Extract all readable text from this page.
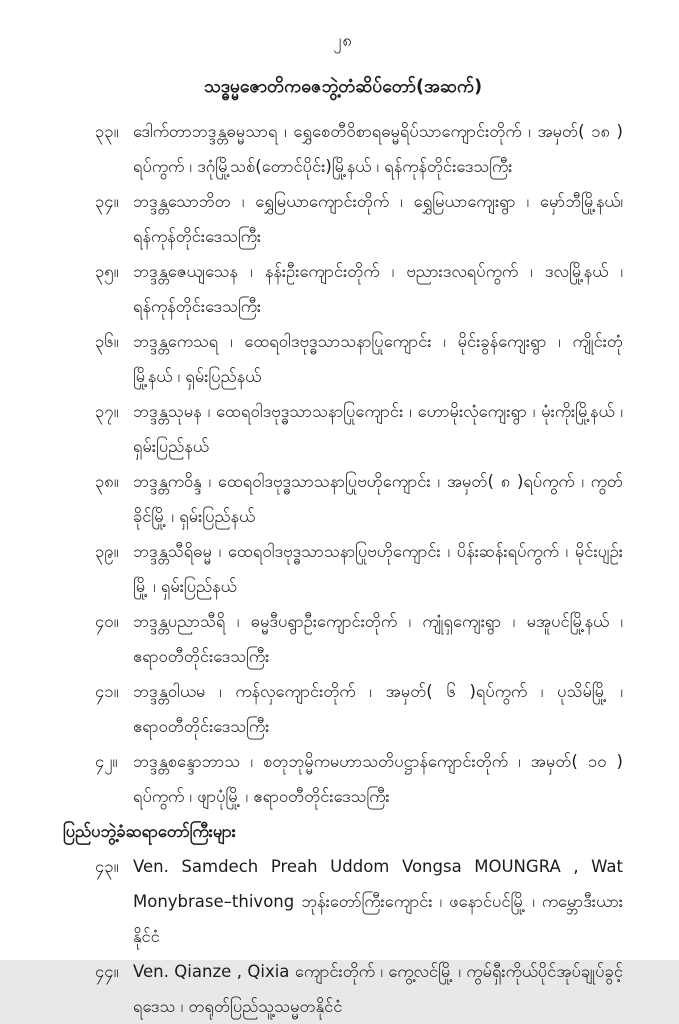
၂၈
သဒ္ဓမ္မဇောတိကဓဇဘွဲ့တံဆိပ်တော်(အဆက်)
၃၃။ ဒေါက်တာဘဒ္ဒန္တဓမ္မသာရ ၊ ရွှေစေတီဝိစာရဓမ္မရိပ်သာကျောင်းတိုက် ၊ အမှတ်( ၁၈ ) ရပ်ကွက် ၊ ဒဂုံမြို့သစ်(တောင်ပိုင်း)မြို့နယ် ၊ ရန်ကုန်တိုင်းဒေသကြီး
၃၄။ ဘဒ္ဒန္တသောဘိတ ၊ ရွှေမြယာကျောင်းတိုက် ၊ ရွှေမြယာကျေးရွာ ၊ မှော်ဘီမြို့နယ်၊ ရန်ကုန်တိုင်းဒေသကြီး
၃၅။ ဘဒ္ဒန္တဇေယျသေန ၊ နန်းဦးကျောင်းတိုက် ၊ ဗညားဒလရပ်ကွက် ၊ ဒလမြို့နယ် ၊ ရန်ကုန်တိုင်းဒေသကြီး
၃၆။ ဘဒ္ဒန္တကေသရ ၊ ထေရဝါဒဗုဒ္ဓသာသနာပြုကျောင်း ၊ မိုင်းခွန်ကျေးရွာ ၊ ကျိုင်းတုံမြို့နယ် ၊ ရှမ်းပြည်နယ်
၃၇။ ဘဒ္ဒန္တသုမန ၊ ထေရဝါဒဗုဒ္ဓသာသနာပြုကျောင်း ၊ ဟောမိုးလုံကျေးရွာ ၊ မုံးကိုးမြို့နယ် ၊ ရှမ်းပြည်နယ်
၃၈။ ဘဒ္ဒန္တကဝိန္ဒ ၊ ထေရဝါဒဗုဒ္ဓသာသနာပြုဗဟိုကျောင်း ၊ အမှတ်( ၈ )ရပ်ကွက် ၊ ကွတ်ခိုင်မြို့ ၊ ရှမ်းပြည်နယ်
၃၉။ ဘဒ္ဒန္တသီရိဓမ္မ ၊ ထေရဝါဒဗုဒ္ဓသာသနာပြုဗဟိုကျောင်း ၊ ပိန်းဆန်းရပ်ကွက် ၊ မိုင်းပျဉ်းမြို့ ၊ ရှမ်းပြည်နယ်
၄၀။ ဘဒ္ဒန္တပညာသီရိ ၊ ဓမ္မဒီပရွာဦးကျောင်းတိုက် ၊ ကျုံရှကျေးရွာ ၊ မအူပင်မြို့နယ် ၊ ဧရာဝတီတိုင်းဒေသကြီး
၄၁။ ဘဒ္ဒန္တဝါယမ ၊ ကန်လှကျောင်းတိုက် ၊ အမှတ်( ၆ )ရပ်ကွက် ၊ ပုသိမ်မြို့ ၊ ဧရာဝတီတိုင်းဒေသကြီး
၄၂။ ဘဒ္ဒန္တစန္ဒောဘာသ ၊ စတုဘုမ္မိကမဟာသတိပဋ္ဌာန်ကျောင်းတိုက် ၊ အမှတ်( ၁၀ ) ရပ်ကွက် ၊ ဖျာပုံမြို့ ၊ ဧရာဝတီတိုင်းဒေသကြီး
ပြည်ပဘွဲ့ခံဆရာတော်ကြီးများ
၄၃။ Ven. Samdech Preah Uddom Vongsa MOUNGRA , Wat Monybrase–thivong ဘုန်းတော်ကြီးကျောင်း ၊ ဖနောင်ပင်မြို့ ၊ ကမ္ဘောဒီးယားနိုင်ငံ
၄၄။ Ven. Qianze , Qixia ကျောင်းတိုက် ၊ ကွေ့လင်မြို့ ၊ ကွမ်ရှီးကိုယ်ပိုင်အုပ်ချုပ်ခွင့်ရဒေသ ၊ တရုတ်ပြည်သူ့သမ္မတနိုင်ငံ
